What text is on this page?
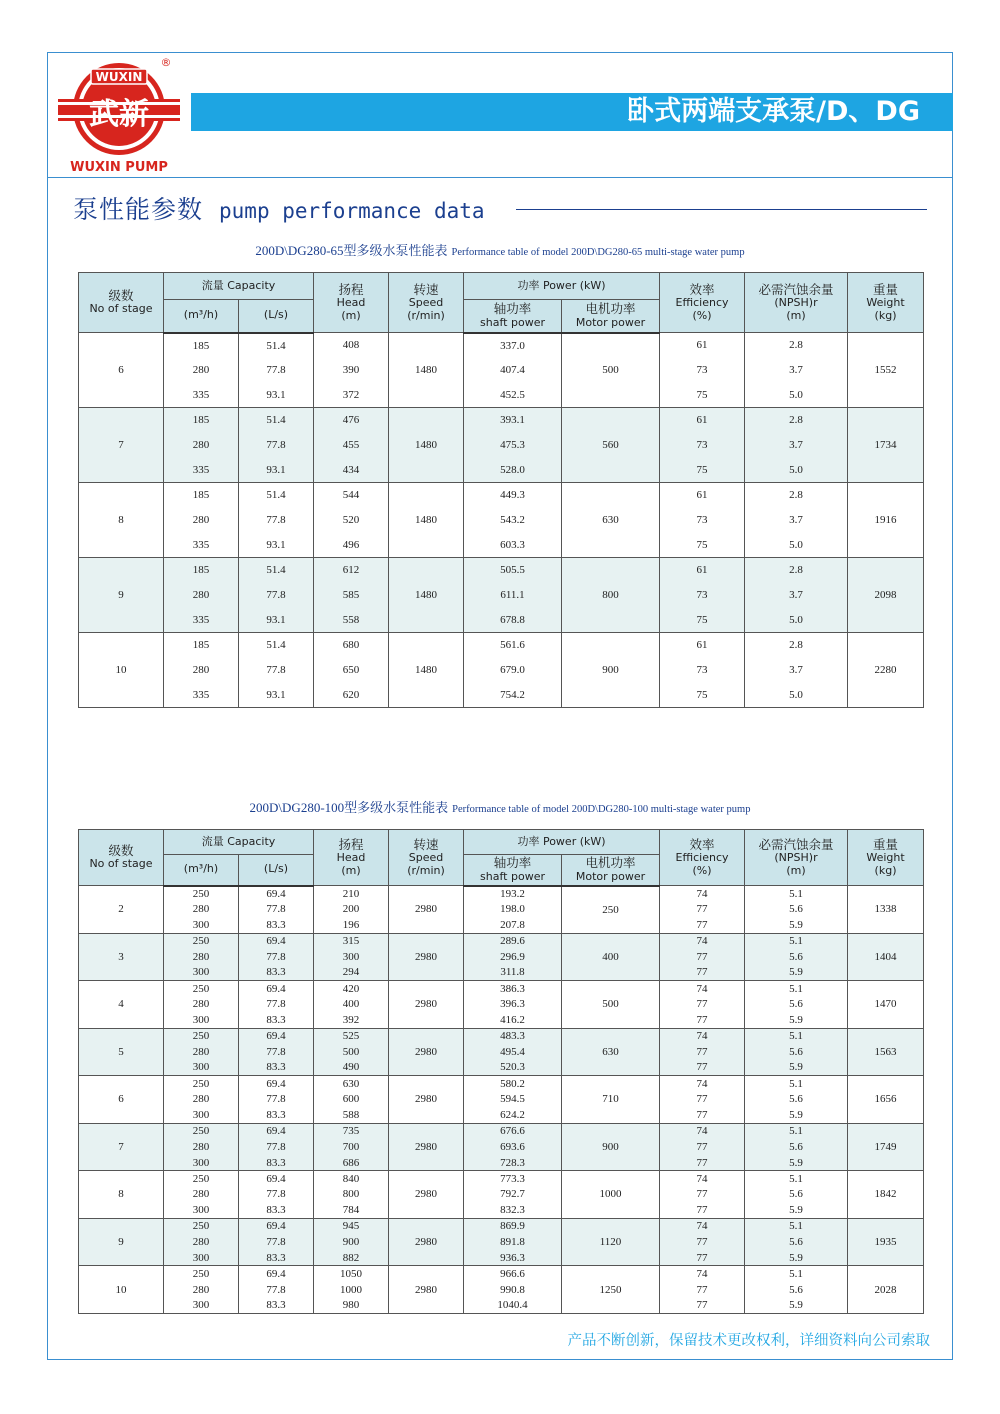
WUXIN
武新
WUXIN PUMP
®
卧式两端支承泵/D、DG
泵性能参数 pump performance data
200D\DG280-65型多级水泵性能表 Performance table of model 200D\DG280-65 multi-stage water pump
级数
No of stage	流量 Capacity		扬程
Head
(m)	转速
Speed
(r/min)	功率 Power (kW)		效率
Efficiency
(%)	必需汽蚀余量
(NPSH)r
(m)	重量
Weight
(kg)

	(m³/h)	(L/s)			轴功率
shaft power	电机功率
Motor power			

6	185	51.4	408	1480	337.0	500	61	2.8	1552
	280	77.8	390		407.4		73	3.7	
	335	93.1	372		452.5		75	5.0	
7	185	51.4	476	1480	393.1	560	61	2.8	1734
	280	77.8	455		475.3		73	3.7	
	335	93.1	434		528.0		75	5.0	
8	185	51.4	544	1480	449.3	630	61	2.8	1916
	280	77.8	520		543.2		73	3.7	
	335	93.1	496		603.3		75	5.0	
9	185	51.4	612	1480	505.5	800	61	2.8	2098
	280	77.8	585		611.1		73	3.7	
	335	93.1	558		678.8		75	5.0	
10	185	51.4	680	1480	561.6	900	61	2.8	2280
	280	77.8	650		679.0		73	3.7	
	335	93.1	620		754.2		75	5.0	
200D\DG280-100型多级水泵性能表 Performance table of model 200D\DG280-100 multi-stage water pump
级数
No of stage	流量 Capacity		扬程
Head
(m)	转速
Speed
(r/min)	功率 Power (kW)		效率
Efficiency
(%)	必需汽蚀余量
(NPSH)r
(m)	重量
Weight
(kg)

	(m³/h)	(L/s)			轴功率
shaft power	电机功率
Motor power			

2	250	69.4	210	2980	193.2	250	74	5.1	1338
	280	77.8	200		198.0		77	5.6	
	300	83.3	196		207.8		77	5.9	
3	250	69.4	315	2980	289.6	400	74	5.1	1404
	280	77.8	300		296.9		77	5.6	
	300	83.3	294		311.8		77	5.9	
4	250	69.4	420	2980	386.3	500	74	5.1	1470
	280	77.8	400		396.3		77	5.6	
	300	83.3	392		416.2		77	5.9	
5	250	69.4	525	2980	483.3	630	74	5.1	1563
	280	77.8	500		495.4		77	5.6	
	300	83.3	490		520.3		77	5.9	
6	250	69.4	630	2980	580.2	710	74	5.1	1656
	280	77.8	600		594.5		77	5.6	
	300	83.3	588		624.2		77	5.9	
7	250	69.4	735	2980	676.6	900	74	5.1	1749
	280	77.8	700		693.6		77	5.6	
	300	83.3	686		728.3		77	5.9	
8	250	69.4	840	2980	773.3	1000	74	5.1	1842
	280	77.8	800		792.7		77	5.6	
	300	83.3	784		832.3		77	5.9	
9	250	69.4	945	2980	869.9	1120	74	5.1	1935
	280	77.8	900		891.8		77	5.6	
	300	83.3	882		936.3		77	5.9	
10	250	69.4	1050	2980	966.6	1250	74	5.1	2028
	280	77.8	1000		990.8		77	5.6	
	300	83.3	980		1040.4		77	5.9	
产品不断创新，保留技术更改权利，详细资料向公司索取
